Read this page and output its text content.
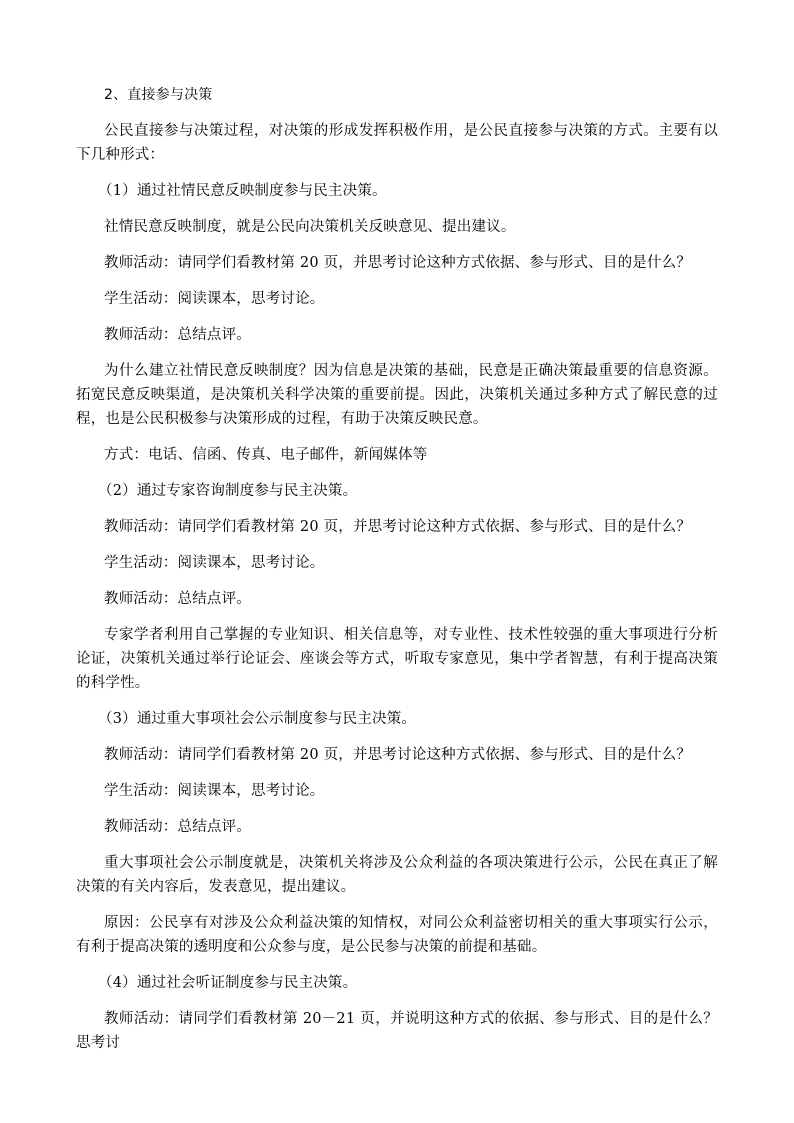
2、直接参与决策

公民直接参与决策过程，对决策的形成发挥积极作用，是公民直接参与决策的方式。主要有以下几种形式：

（1）通过社情民意反映制度参与民主决策。

社情民意反映制度，就是公民向决策机关反映意见、提出建议。

教师活动：请同学们看教材第 20 页，并思考讨论这种方式依据、参与形式、目的是什么？

学生活动：阅读课本，思考讨论。

教师活动：总结点评。

为什么建立社情民意反映制度？因为信息是决策的基础，民意是正确决策最重要的信息资源。拓宽民意反映渠道，是决策机关科学决策的重要前提。因此，决策机关通过多种方式了解民意的过程，也是公民积极参与决策形成的过程，有助于决策反映民意。

方式：电话、信函、传真、电子邮件，新闻媒体等

（2）通过专家咨询制度参与民主决策。

教师活动：请同学们看教材第 20 页，并思考讨论这种方式依据、参与形式、目的是什么？

学生活动：阅读课本，思考讨论。

教师活动：总结点评。

专家学者利用自己掌握的专业知识、相关信息等，对专业性、技术性较强的重大事项进行分析论证，决策机关通过举行论证会、座谈会等方式，听取专家意见，集中学者智慧，有利于提高决策的科学性。

（3）通过重大事项社会公示制度参与民主决策。

教师活动：请同学们看教材第 20 页，并思考讨论这种方式依据、参与形式、目的是什么？

学生活动：阅读课本，思考讨论。

教师活动：总结点评。

重大事项社会公示制度就是，决策机关将涉及公众利益的各项决策进行公示，公民在真正了解决策的有关内容后，发表意见，提出建议。

原因：公民享有对涉及公众利益决策的知情权，对同公众利益密切相关的重大事项实行公示，有利于提高决策的透明度和公众参与度，是公民参与决策的前提和基础。

（4）通过社会听证制度参与民主决策。

教师活动：请同学们看教材第 20－21 页，并说明这种方式的依据、参与形式、目的是什么？思考讨
